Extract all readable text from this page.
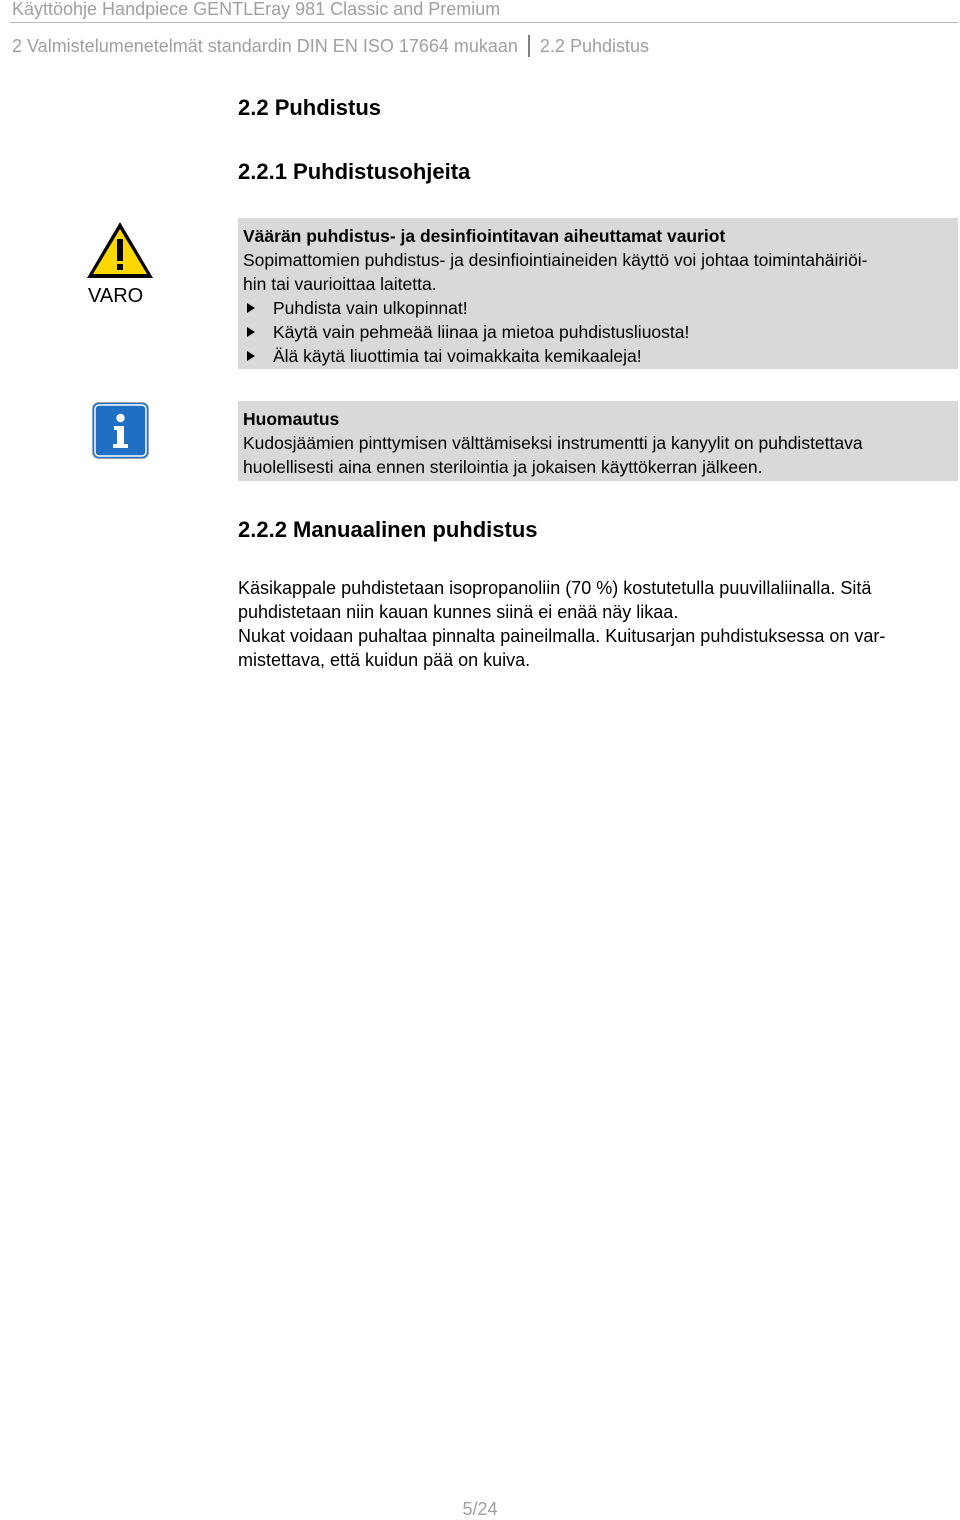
Käyttöohje Handpiece GENTLEray 981 Classic and Premium
2 Valmistelumenetelmät standardin DIN EN ISO 17664 mukaan 2.2 Puhdistus
2.2 Puhdistus
2.2.1 Puhdistusohjeita
VARO
Väärän puhdistus- ja desinfiointitavan aiheuttamat vauriot
Sopimattomien puhdistus- ja desinfiointiaineiden käyttö voi johtaa toimintahäiriöi-
hin tai vaurioittaa laitetta.
Puhdista vain ulkopinnat!
Käytä vain pehmeää liinaa ja mietoa puhdistusliuosta!
Älä käytä liuottimia tai voimakkaita kemikaaleja!
Huomautus
Kudosjäämien pinttymisen välttämiseksi instrumentti ja kanyylit on puhdistettava
huolellisesti aina ennen sterilointia ja jokaisen käyttökerran jälkeen.
2.2.2 Manuaalinen puhdistus

Käsikappale puhdistetaan isopropanoliin (70 %) kostutetulla puuvillaliinalla. Sitä

puhdistetaan niin kauan kunnes siinä ei enää näy likaa.

Nukat voidaan puhaltaa pinnalta paineilmalla. Kuitusarjan puhdistuksessa on var-

mistettava, että kuidun pää on kuiva.

5/24
